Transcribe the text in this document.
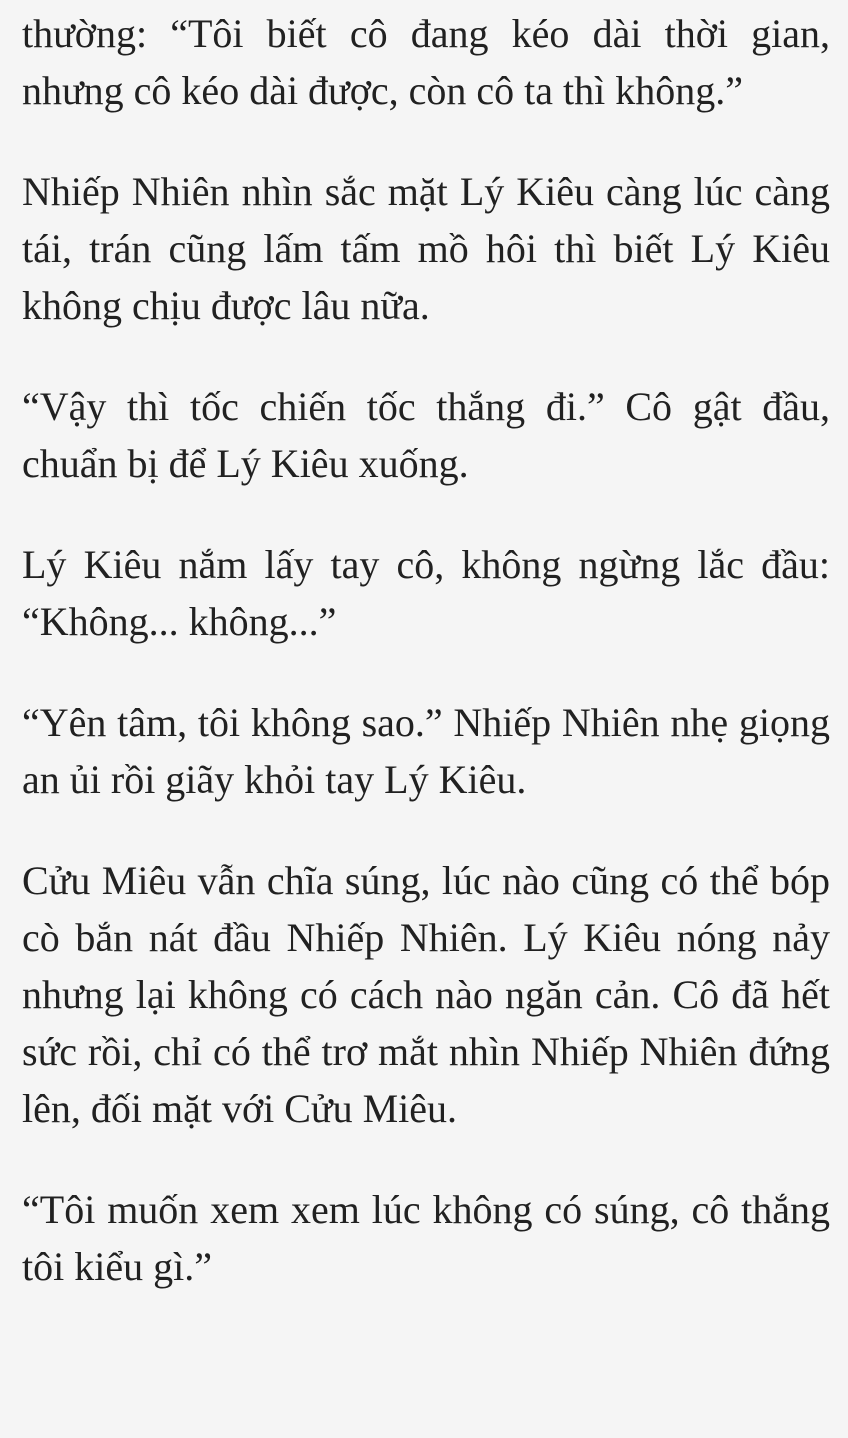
thường: “Tôi biết cô đang kéo dài thời gian, nhưng cô kéo dài được, còn cô ta thì không.”

Nhiếp Nhiên nhìn sắc mặt Lý Kiêu càng lúc càng tái, trán cũng lấm tấm mồ hôi thì biết Lý Kiêu không chịu được lâu nữa.

“Vậy thì tốc chiến tốc thắng đi.” Cô gật đầu, chuẩn bị để Lý Kiêu xuống.

Lý Kiêu nắm lấy tay cô, không ngừng lắc đầu: “Không... không...”

“Yên tâm, tôi không sao.” Nhiếp Nhiên nhẹ giọng an ủi rồi giãy khỏi tay Lý Kiêu.

Cửu Miêu vẫn chĩa súng, lúc nào cũng có thể bóp cò bắn nát đầu Nhiếp Nhiên. Lý Kiêu nóng nảy nhưng lại không có cách nào ngăn cản. Cô đã hết sức rồi, chỉ có thể trơ mắt nhìn Nhiếp Nhiên đứng lên, đối mặt với Cửu Miêu.

“Tôi muốn xem xem lúc không có súng, cô thắng tôi kiểu gì.”
